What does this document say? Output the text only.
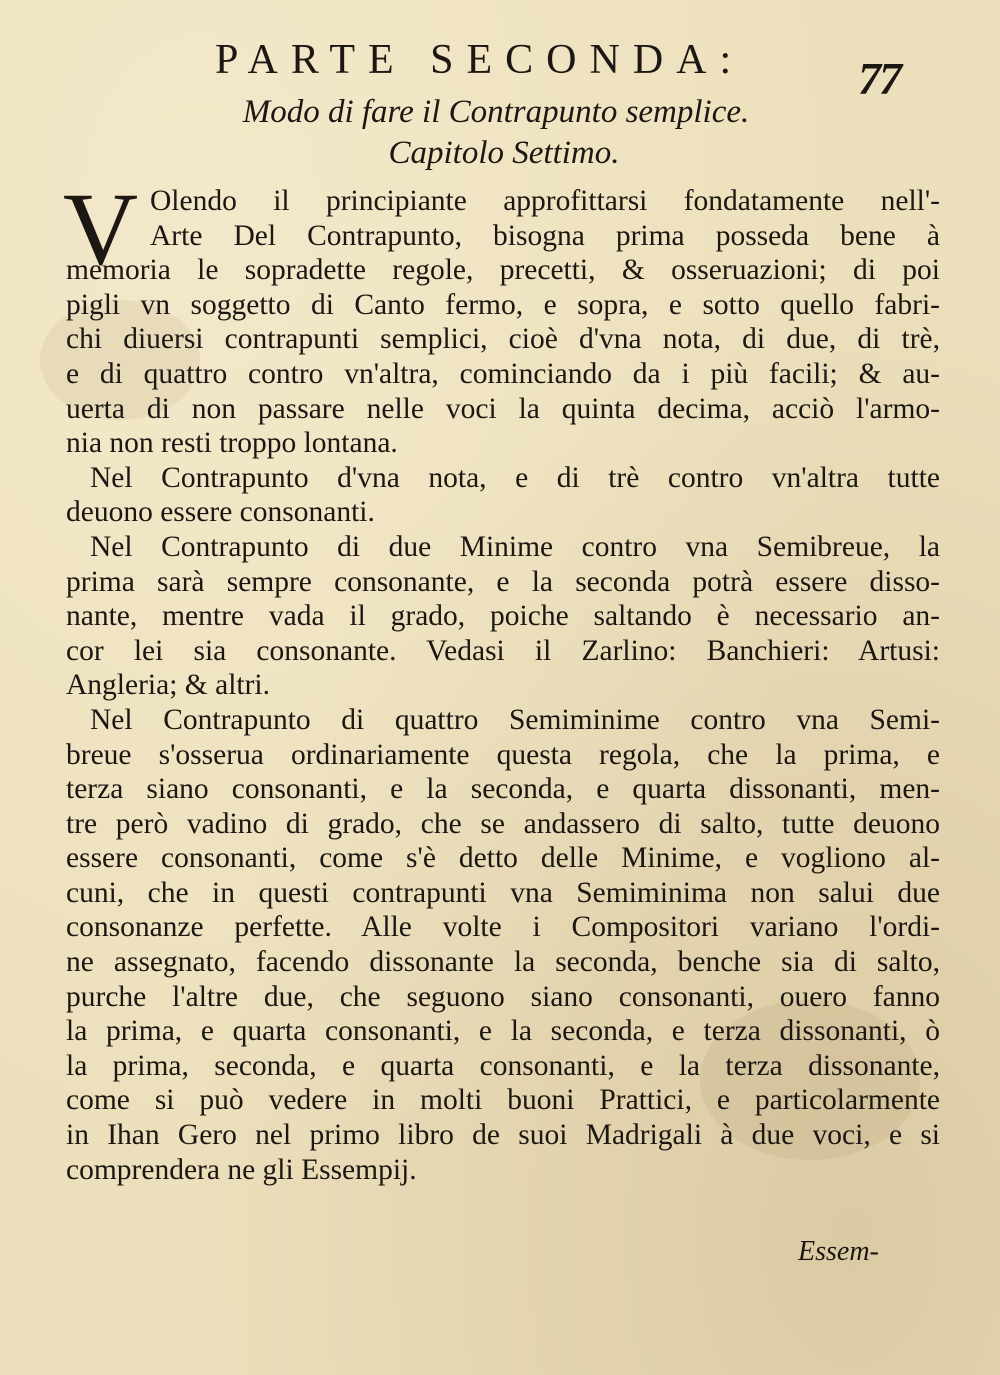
PARTE SECONDA: 77
Modo di fare il Contrapunto semplice.
Capitolo Settimo.
V Olendo il principiante approfittarsi fondatamente nell'-
Arte Del Contrapunto, bisogna prima posseda bene à
memoria le sopradette regole, precetti, & osseruazioni; di poi
pigli vn soggetto di Canto fermo, e sopra, e sotto quello fabri-
chi diuersi contrapunti semplici, cioè d'vna nota, di due, di trè,
e di quattro contro vn'altra, cominciando da i più facili; & au-
uerta di non passare nelle voci la quinta decima, acciò l'armo-
nia non resti troppo lontana.
Nel Contrapunto d'vna nota, e di trè contro vn'altra tutte
deuono essere consonanti.
Nel Contrapunto di due Minime contro vna Semibreue, la
prima sarà sempre consonante, e la seconda potrà essere disso-
nante, mentre vada il grado, poiche saltando è necessario an-
cor lei sia consonante. Vedasi il Zarlino: Banchieri: Artusi:
Angleria; & altri.
Nel Contrapunto di quattro Semiminime contro vna Semi-
breue s'osserua ordinariamente questa regola, che la prima, e
terza siano consonanti, e la seconda, e quarta dissonanti, men-
tre però vadino di grado, che se andassero di salto, tutte deuono
essere consonanti, come s'è detto delle Minime, e vogliono al-
cuni, che in questi contrapunti vna Semiminima non salui due
consonanze perfette. Alle volte i Compositori variano l'ordi-
ne assegnato, facendo dissonante la seconda, benche sia di salto,
purche l'altre due, che seguono siano consonanti, ouero fanno
la prima, e quarta consonanti, e la seconda, e terza dissonanti, ò
la prima, seconda, e quarta consonanti, e la terza dissonante,
come si può vedere in molti buoni Prattici, e particolarmente
in Ihan Gero nel primo libro de suoi Madrigali à due voci, e si
comprendera ne gli Essempij.
Essem-
